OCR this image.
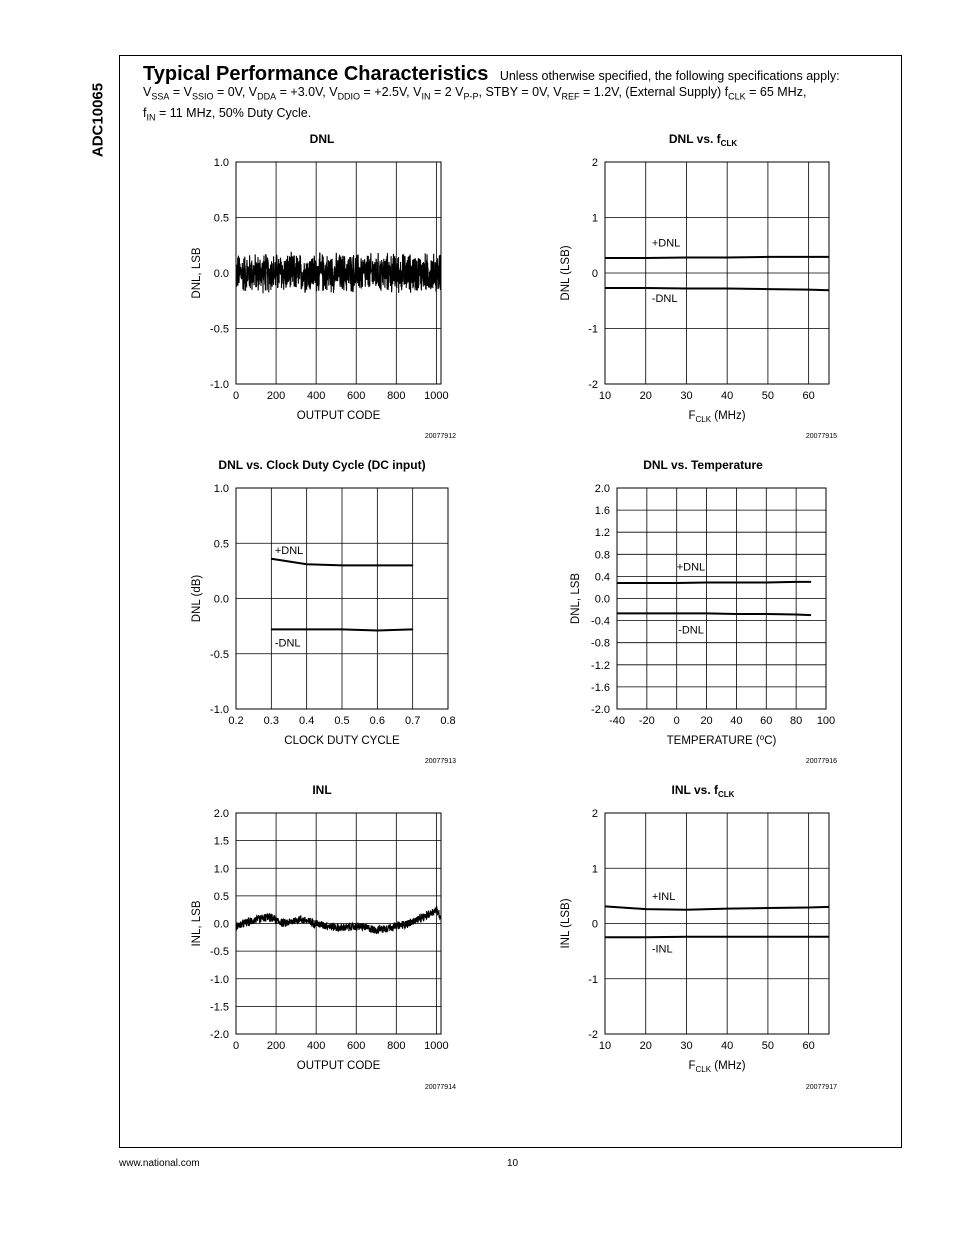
ADC10065
Typical Performance Characteristics Unless otherwise specified, the following specifications apply:
$V_{SSA} = V_{SSIO} = 0V$, $V_{DDA} = +3.0V$, $V_{DDIO} = +2.5V$, $V_{IN} = 2$ $V_{P-P}$, STBY = 0V, $V_{REF} = 1.2V$, (External Supply) $f_{CLK} = 65$ MHz,
$f_{IN} = 11$ MHz, 50% Duty Cycle.
DNL
0	200 400 600 800 1000
1.0
0.5
0.0
-0.5
-1.0
OUTPUT CODE
DNL, LSB
20077912
DNL vs. $f_{CLK}$
10	20	30	40	50	60
2
1
0
-1
-2
$F_{CLK}$ (MHz)
DNL (LSB)
20077915
+DNL
-DNL
DNL vs. Clock Duty Cycle (DC input)
0.2 0.3 0.4 0.5 0.6 0.7 0.8
1.0
0.5
0.0
-0.5
-1.0
CLOCK DUTY CYCLE
DNL (dB)
20077913
+DNL
-DNL
DNL vs. Temperature
-40 -20 0 20 40 60 80 100
2.0
1.6
1.2
0.8
0.4
0.0
-0.4
-0.8
-1.2
-1.6
-2.0
TEMPERATURE ($^o$C)
DNL, LSB
20077916
+DNL
-DNL
INL
0	200 400 600 800 1000
2.0
1.5
1.0
0.5
0.0
-0.5
-1.0
-1.5
-2.0
OUTPUT CODE
INL, LSB
20077914
INL vs. $f_{CLK}$
10	20	30	40	50	60
2
1
0
-1
-2
$F_{CLK}$ (MHz)
INL (LSB)
20077917
+INL
-INL
www.national.com	10
